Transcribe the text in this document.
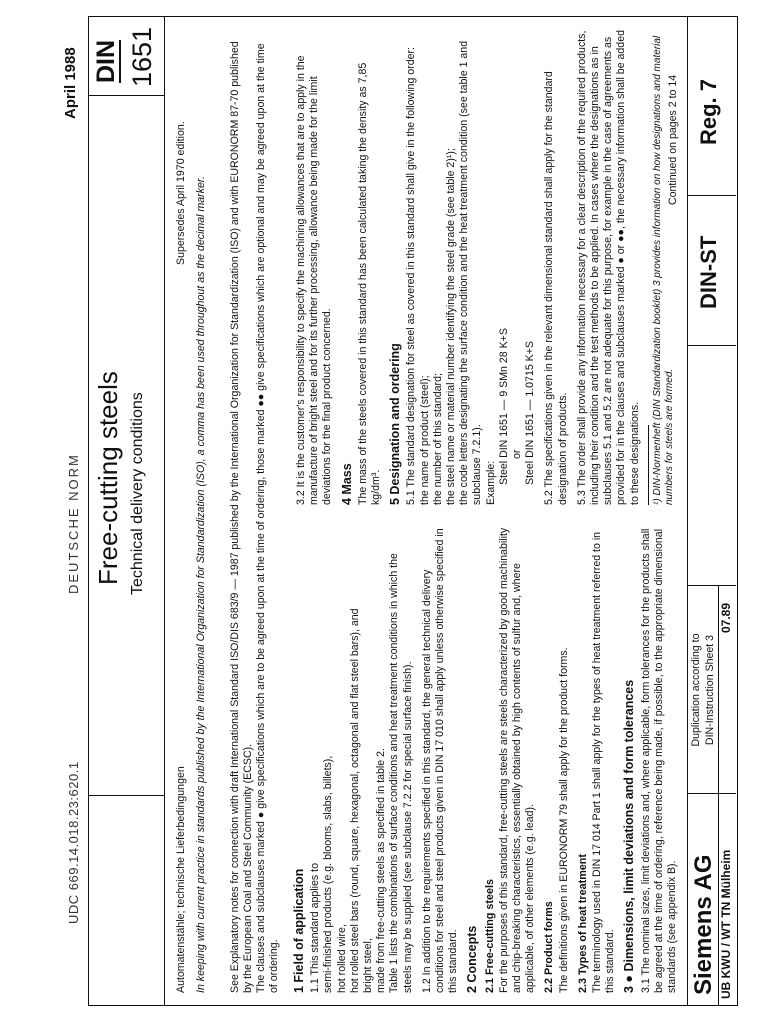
UDC 669.14.018.23:620.1
DEUTSCHE NORM
April 1988
Free-cutting steels Technical delivery conditions
DIN 1651
Automatenstähle; technische Lieferbedingungen
Supersedes April 1970 edition. In keeping with current practice in standards published by the International Organization for Standardization (ISO), a comma has been used throughout as the decimal marker. See Explanatory notes for connection with draft International Standard ISO/DIS 683/9 — 1987 published by the International Organization for Standardization (ISO) and with EURONORM 87-70 published by the European Coal and Steel Community (ECSC). The clauses and subclauses marked ● give specifications which are to be agreed upon at the time of ordering, those marked ●● give specifications which are optional and may be agreed upon at the time of ordering. 1 Field of application 1.1 This standard applies to semi-finished products (e.g. blooms, slabs, billets), hot rolled wire, hot rolled steel bars (round, square, hexagonal, octagonal and flat steel bars), and bright steel, made from free-cutting steels as specified in table 2. Table 1 lists the combinations of surface conditions and heat treatment conditions in which the steels may be supplied (see subclause 7.2.2 for special surface finish). 1.2 In addition to the requirements specified in this standard, the general technical delivery conditions for steel and steel products given in DIN 17 010 shall apply unless otherwise specified in this standard. 2 Concepts 2.1 Free-cutting steels For the purposes of this standard, free-cutting steels are steels characterized by good machinability and chip-breaking characteristics, essentially obtained by high contents of sulfur and, where applicable, of other elements (e.g. lead). 2.2 Product forms The definitions given in EURONORM 79 shall apply for the product forms. 2.3 Types of heat treatment The terminology used in DIN 17 014 Part 1 shall apply for the types of heat treatment referred to in this standard. 3 ● Dimensions, limit deviations and form tolerances 3.1 The nominal sizes, limit deviations and, where applicable, form tolerances for the products shall be agreed at the time of ordering, reference being made, if possible, to the appropriate dimensional standards (see appendix B).

3.2 It is the customer's responsibility to specify the machining allowances that are to apply in the manufacture of bright steel and for its further processing, allowance being made for the limit deviations for the final product concerned. 4 Mass The mass of the steels covered in this standard has been calculated taking the density as 7,85 kg/dm³. 5 Designation and ordering 5.1 The standard designation for steel as covered in this standard shall give in the following order: the name of product (steel); the number of this standard; the steel name or material number identifying the steel grade (see table 2)¹); the code letters designating the surface condition and the heat treatment condition (see table 1 and subclause 7.2.1). Example: Steel DIN 1651 — 9 SMn 28 K+S or Steel DIN 1651 — 1.0715 K+S 5.2 The specifications given in the relevant dimensional standard shall apply for the standard designation of products. 5.3 The order shall provide any information necessary for a clear description of the required products, including their condition and the test methods to be applied. In cases where the designations as in subclauses 5.1 and 5.2 are not adequate for this purpose, for example in the case of agreements as provided for in the clauses and subclauses marked ● or ●●, the necessary information shall be added to these designations. ¹) DIN-Normenheft (DIN Standardization booklet) 3 provides information on how designations and material numbers for steels are formed.

Continued on pages 2 to 14
Siemens AG
Duplication according to DIN-Instruction Sheet 3
DIN-ST
Reg. 7
UB KWU / WT TN Mülheim
07.89
